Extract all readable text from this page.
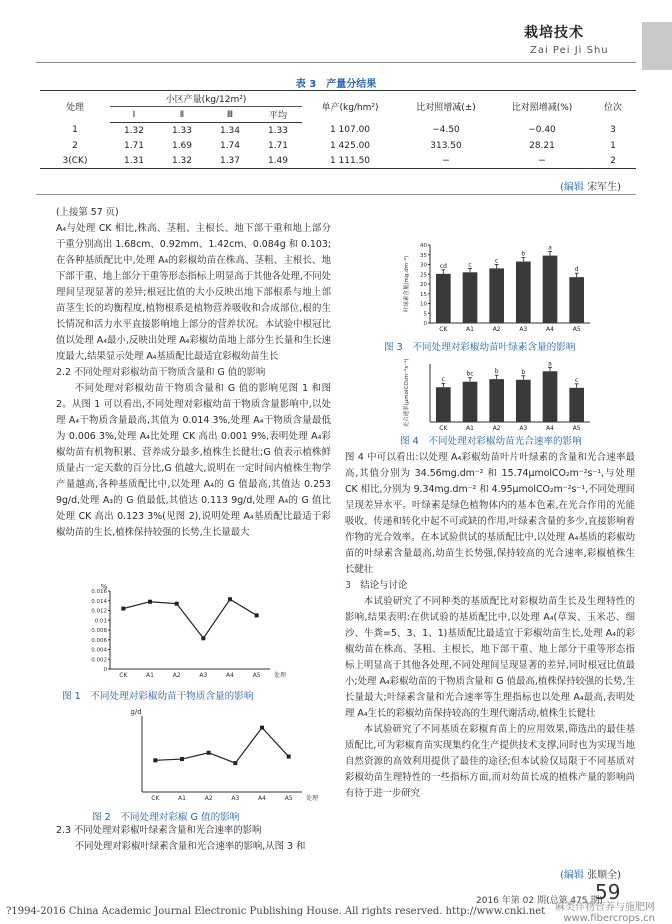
栽培技术
Zai Pei Ji Shu
表 3　产量分结果
处理	小区产量(kg/12m²)				单产(kg/hm²)	比对照增减(±)	比对照增减(%)	位次
	Ⅰ	Ⅱ	Ⅲ	平均				
1	1.32	1.33	1.34	1.33	1 107.00	−4.50	−0.40	3
2	1.71	1.69	1.74	1.71	1 425.00	313.50	28.21	1
3(CK)	1.31	1.32	1.37	1.49	1 111.50	−	−	2
(编辑 宋军生)

(上接第 57 页)

A₄与处理 CK 相比,株高、茎粗、主根长、地下部干重和地上部分干重分别高出 1.68cm、0.92mm、1.42cm、0.084g 和 0.103;在各种基质配比中,处理 A₄的彩椒幼苗在株高、茎粗、主根长、地下部干重、地上部分干重等形态指标上明显高于其他各处理,不同处理间呈现显著的差异;根冠比值的大小反映出地下部根系与地上部苗茎生长的均衡程度,植物根系是植物营养吸收和合成部位,根的生长情况和活力水平直接影响地上部分的营养状况。本试验中根冠比值以处理 A₄最小,反映出处理 A₄彩椒幼苗地上部分生长量和生长速度最大,结果显示处理 A₄基质配比最适宜彩椒幼苗生长

2.2 不同处理对彩椒幼苗干物质含量和 G 值的影响

不同处理对彩椒幼苗干物质含量和 G 值的影响见图 1 和图 2。从图 1 可以看出,不同处理对彩椒幼苗干物质含量影响中,以处理 A₄干物质含量最高,其值为 0.014 3%,处理 A₄干物质含量最低为 0.006 3%,处理 A₄比处理 CK 高出 0.001 9%,表明处理 A₄彩椒幼苗有机物积累、营养成分最多,植株生长健壮;G 值表示植株鲜质量占一定天数的百分比,G 值越大,说明在一定时间内植株生物学产量越高,各种基质配比中,以处理 A₄的 G 值最高,其值达 0.253 9g/d,处理 A₃的 G 值最低,其值达 0.113 9g/d,处理 A₄的 G 值比处理 CK 高出 0.123 3%(见图 2),说明处理 A₄基质配比最适于彩椒幼苗的生长,植株保持较强的长势,生长量最大

0
0.002
0.004
0.006
0.008
0.01
0.012
0.014
0.016
%
CK	A1	A2	A3	A4	A5 处理
图 1　不同处理对彩椒幼苗干物质含量的影响
g/d
CK	A1	A2	A3	A4	A5 处理
图 2　不同处理对彩椒 G 值的影响

2.3 不同处理对彩椒叶绿素含量和光合速率的影响

不同处理对彩椒叶绿素含量和光合速率的影响,从图 3 和

0
5
10
15
20
25
30
35
40
叶绿素含量(mg.dm⁻²)	cd
CK
c
A1
c
A2
b
A3
a
A4
d
A5
图 3　不同处理对彩椒幼苗叶绿素含量的影响
光合速率(μmolCO₂m⁻²s⁻¹)	c
CK
bc
A1
b
A2
b
A3
a
A4
c
A5
图 4　不同处理对彩椒幼苗光合速率的影响

图 4 中可以看出:以处理 A₄彩椒幼苗叶片叶绿素的含量和光合速率最高,其值分别为 34.56mg.dm⁻² 和 15.74μmolCO₂m⁻²s⁻¹,与处理 CK 相比,分别为 9.34mg.dm⁻² 和 4.95μmolCO₂m⁻²s⁻¹,不同处理间呈现差异水平。叶绿素是绿色植物体内的基本色素,在光合作用的光能吸收、传递和转化中起不可或缺的作用,叶绿素含量的多少,直接影响着作物的光合效率。在本试验供试的基质配比中,以处理 A₄基质的彩椒幼苗的叶绿素含量最高,幼苗生长势强,保持较高的光合速率,彩椒植株生长健壮

3　 结论与讨论

本试验研究了不同种类的基质配比对彩椒幼苗生长及生理特性的影响,结果表明:在供试验的基质配比中,以处理 A₄(草炭、玉米芯、细沙、牛粪=5、3、1、1)基质配比最适宜于彩椒幼苗生长,处理 A₄的彩椒幼苗在株高、茎粗、主根长、地下部干重、地上部分干重等形态指标上明显高于其他各处理,不同处理间呈现显著的差异,同时根冠比值最小;处理 A₄彩椒幼苗的干物质含量和 G 值最高,植株保持较强的长势,生长量最大;叶绿素含量和光合速率等生理指标也以处理 A₄最高,表明处理 A₄生长的彩椒幼苗保持较高的生理代谢活动,植株生长健壮

本试验研究了不同基质在彩椒育苗上的应用效果,筛选出的最佳基质配比,可为彩椒育苗实现集约化生产提供技术支撑,同时也为实现当地自然资源的高效利用提供了最佳的途径;但本试验仅局限于不同基质对彩椒幼苗生理特性的一些指标方面,而对幼苗长成的植株产量的影响尚有待于进一步研究

(编辑 张顺全)
2016 年第 02 期(总第 475 期)
59
?1994-2016 China Academic Journal Electronic Publishing House. All rights reserved. http://www.cnki.net 麻类作物营养与施肥网
www.fibercrops.cn
